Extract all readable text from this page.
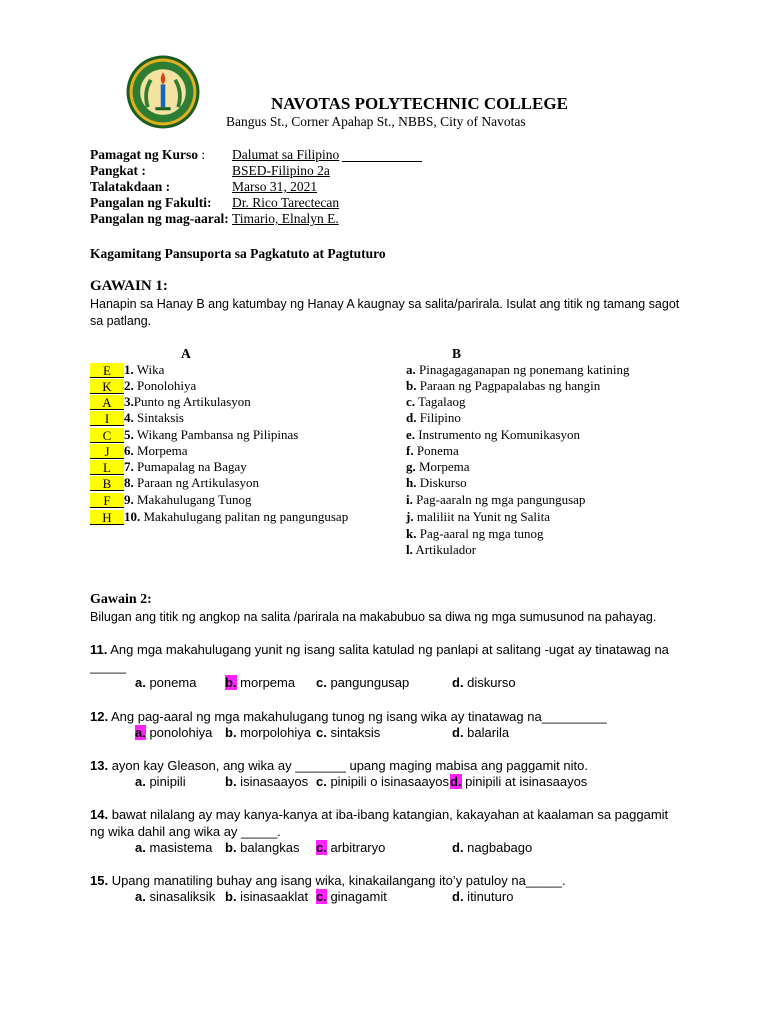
NAVOTAS POLYTECHNIC COLLEGE
Bangus St., Corner Apahap St., NBBS, City of Navotas
Pamagat ng Kurso : Dalumat sa Filipino
Pangkat :	BSED-Filipino 2a
Talatakdaan :	Marso 31, 2021
Pangalan ng Fakulti: Dr. Rico Tarectecan
Pangalan ng mag-aaral: Timario, Elnalyn E.
Kagamitang Pansuporta sa Pagkatuto at Pagtuturo
GAWAIN 1:
Hanapin sa Hanay B ang katumbay ng Hanay A kaugnay sa salita/parirala. Isulat ang titik ng tamang sagot sa patlang.
A	B
E 1. Wika
K 2. Ponolohiya
A 3.Punto ng Artikulasyon
I 4. Sintaksis
C 5. Wikang Pambansa ng Pilipinas
J 6. Morpema
L 7. Pumapalag na Bagay
B 8. Paraan ng Artikulasyon
F 9. Makahulugang Tunog
H 10. Makahulugang palitan ng pangungusap
a. Pinagagaganapan ng ponemang katining
b. Paraan ng Pagpapalabas ng hangin
c. Tagalaog
d. Filipino
e. Instrumento ng Komunikasyon
f. Ponema
g. Morpema
h. Diskurso
i. Pag-aaraln ng mga pangungusap
j. maliliit na Yunit ng Salita
k. Pag-aaral ng mga tunog
l. Artikulador
Gawain 2:
Bilugan ang titik ng angkop na salita /parirala na makabubuo sa diwa ng mga sumusunod na pahayag.
11. Ang mga makahulugang yunit ng isang salita katulad ng panlapi at salitang -ugat ay tinatawag na _____
a. ponema b. morpema c. pangungusap	d. diskurso
12. Ang pag-aaral ng mga makahulugang tunog ng isang wika ay tinatawag na_________
a. ponolohiya b. morpolohiya c. sintaksis	d. balarila
13. ayon kay Gleason, ang wika ay _______ upang maging mabisa ang paggamit nito.
a. pinipili	b. isinasaayos c. pinipili o isinasaayos d. pinipili at isinasaayos
14. bawat nilalang ay may kanya-kanya at iba-ibang katangian, kakayahan at kaalaman sa paggamit ng wika dahil ang wika ay _____.
a. masistema b. balangkas c. arbitraryo	d. nagbabago
15. Upang manatiling buhay ang isang wika, kinakailangang ito’y patuloy na_____.
a. sinasaliksik b. isinasaaklat c. ginagamit	d. itinuturo
